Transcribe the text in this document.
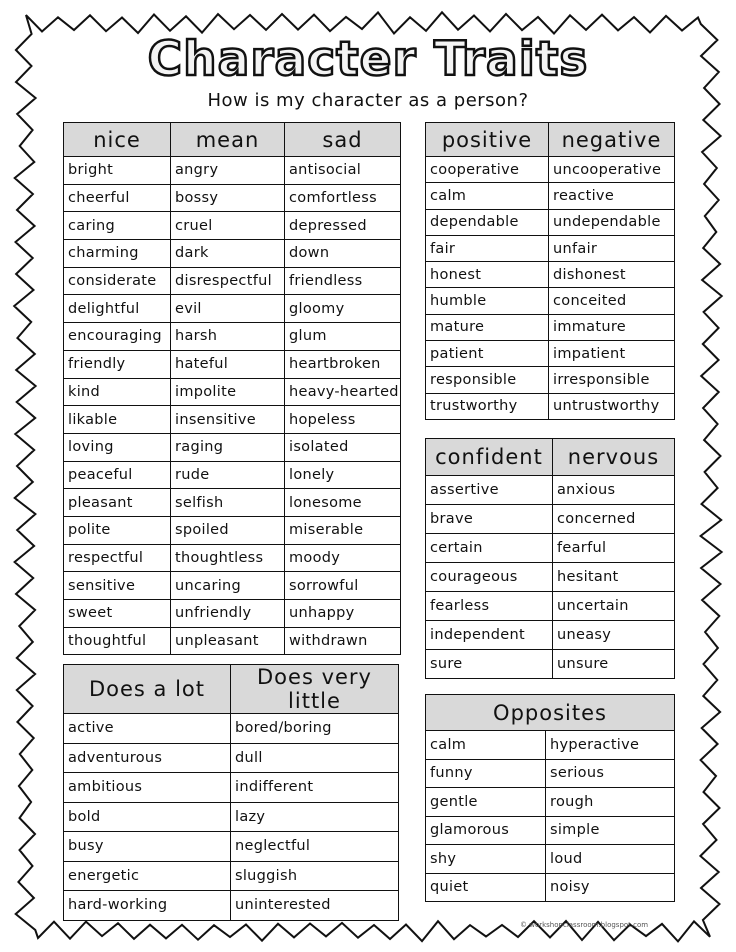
Character Traits
How is my character as a person?
nice	mean	sad
bright	angry	antisocial
cheerful	bossy	comfortless
caring	cruel	depressed
charming	dark	down
considerate	disrespectful	friendless
delightful	evil	gloomy
encouraging	harsh	glum
friendly	hateful	heartbroken
kind	impolite	heavy-hearted
likable	insensitive	hopeless
loving	raging	isolated
peaceful	rude	lonely
pleasant	selfish	lonesome
polite	spoiled	miserable
respectful	thoughtless	moody
sensitive	uncaring	sorrowful
sweet	unfriendly	unhappy
thoughtful	unpleasant	withdrawn
positive	negative
cooperative	uncooperative
calm	reactive
dependable	undependable
fair	unfair
honest	dishonest
humble	conceited
mature	immature
patient	impatient
responsible	irresponsible
trustworthy	untrustworthy
confident	nervous
assertive	anxious
brave	concerned
certain	fearful
courageous	hesitant
fearless	uncertain
independent	uneasy
sure	unsure
Does a lot	Does very little
active	bored/boring
adventurous	dull
ambitious	indifferent
bold	lazy
busy	neglectful
energetic	sluggish
hard-working	uninterested
Opposites	
calm	hyperactive
funny	serious
gentle	rough
glamorous	simple
shy	loud
quiet	noisy
© workshopclassroom.blogspot.com
